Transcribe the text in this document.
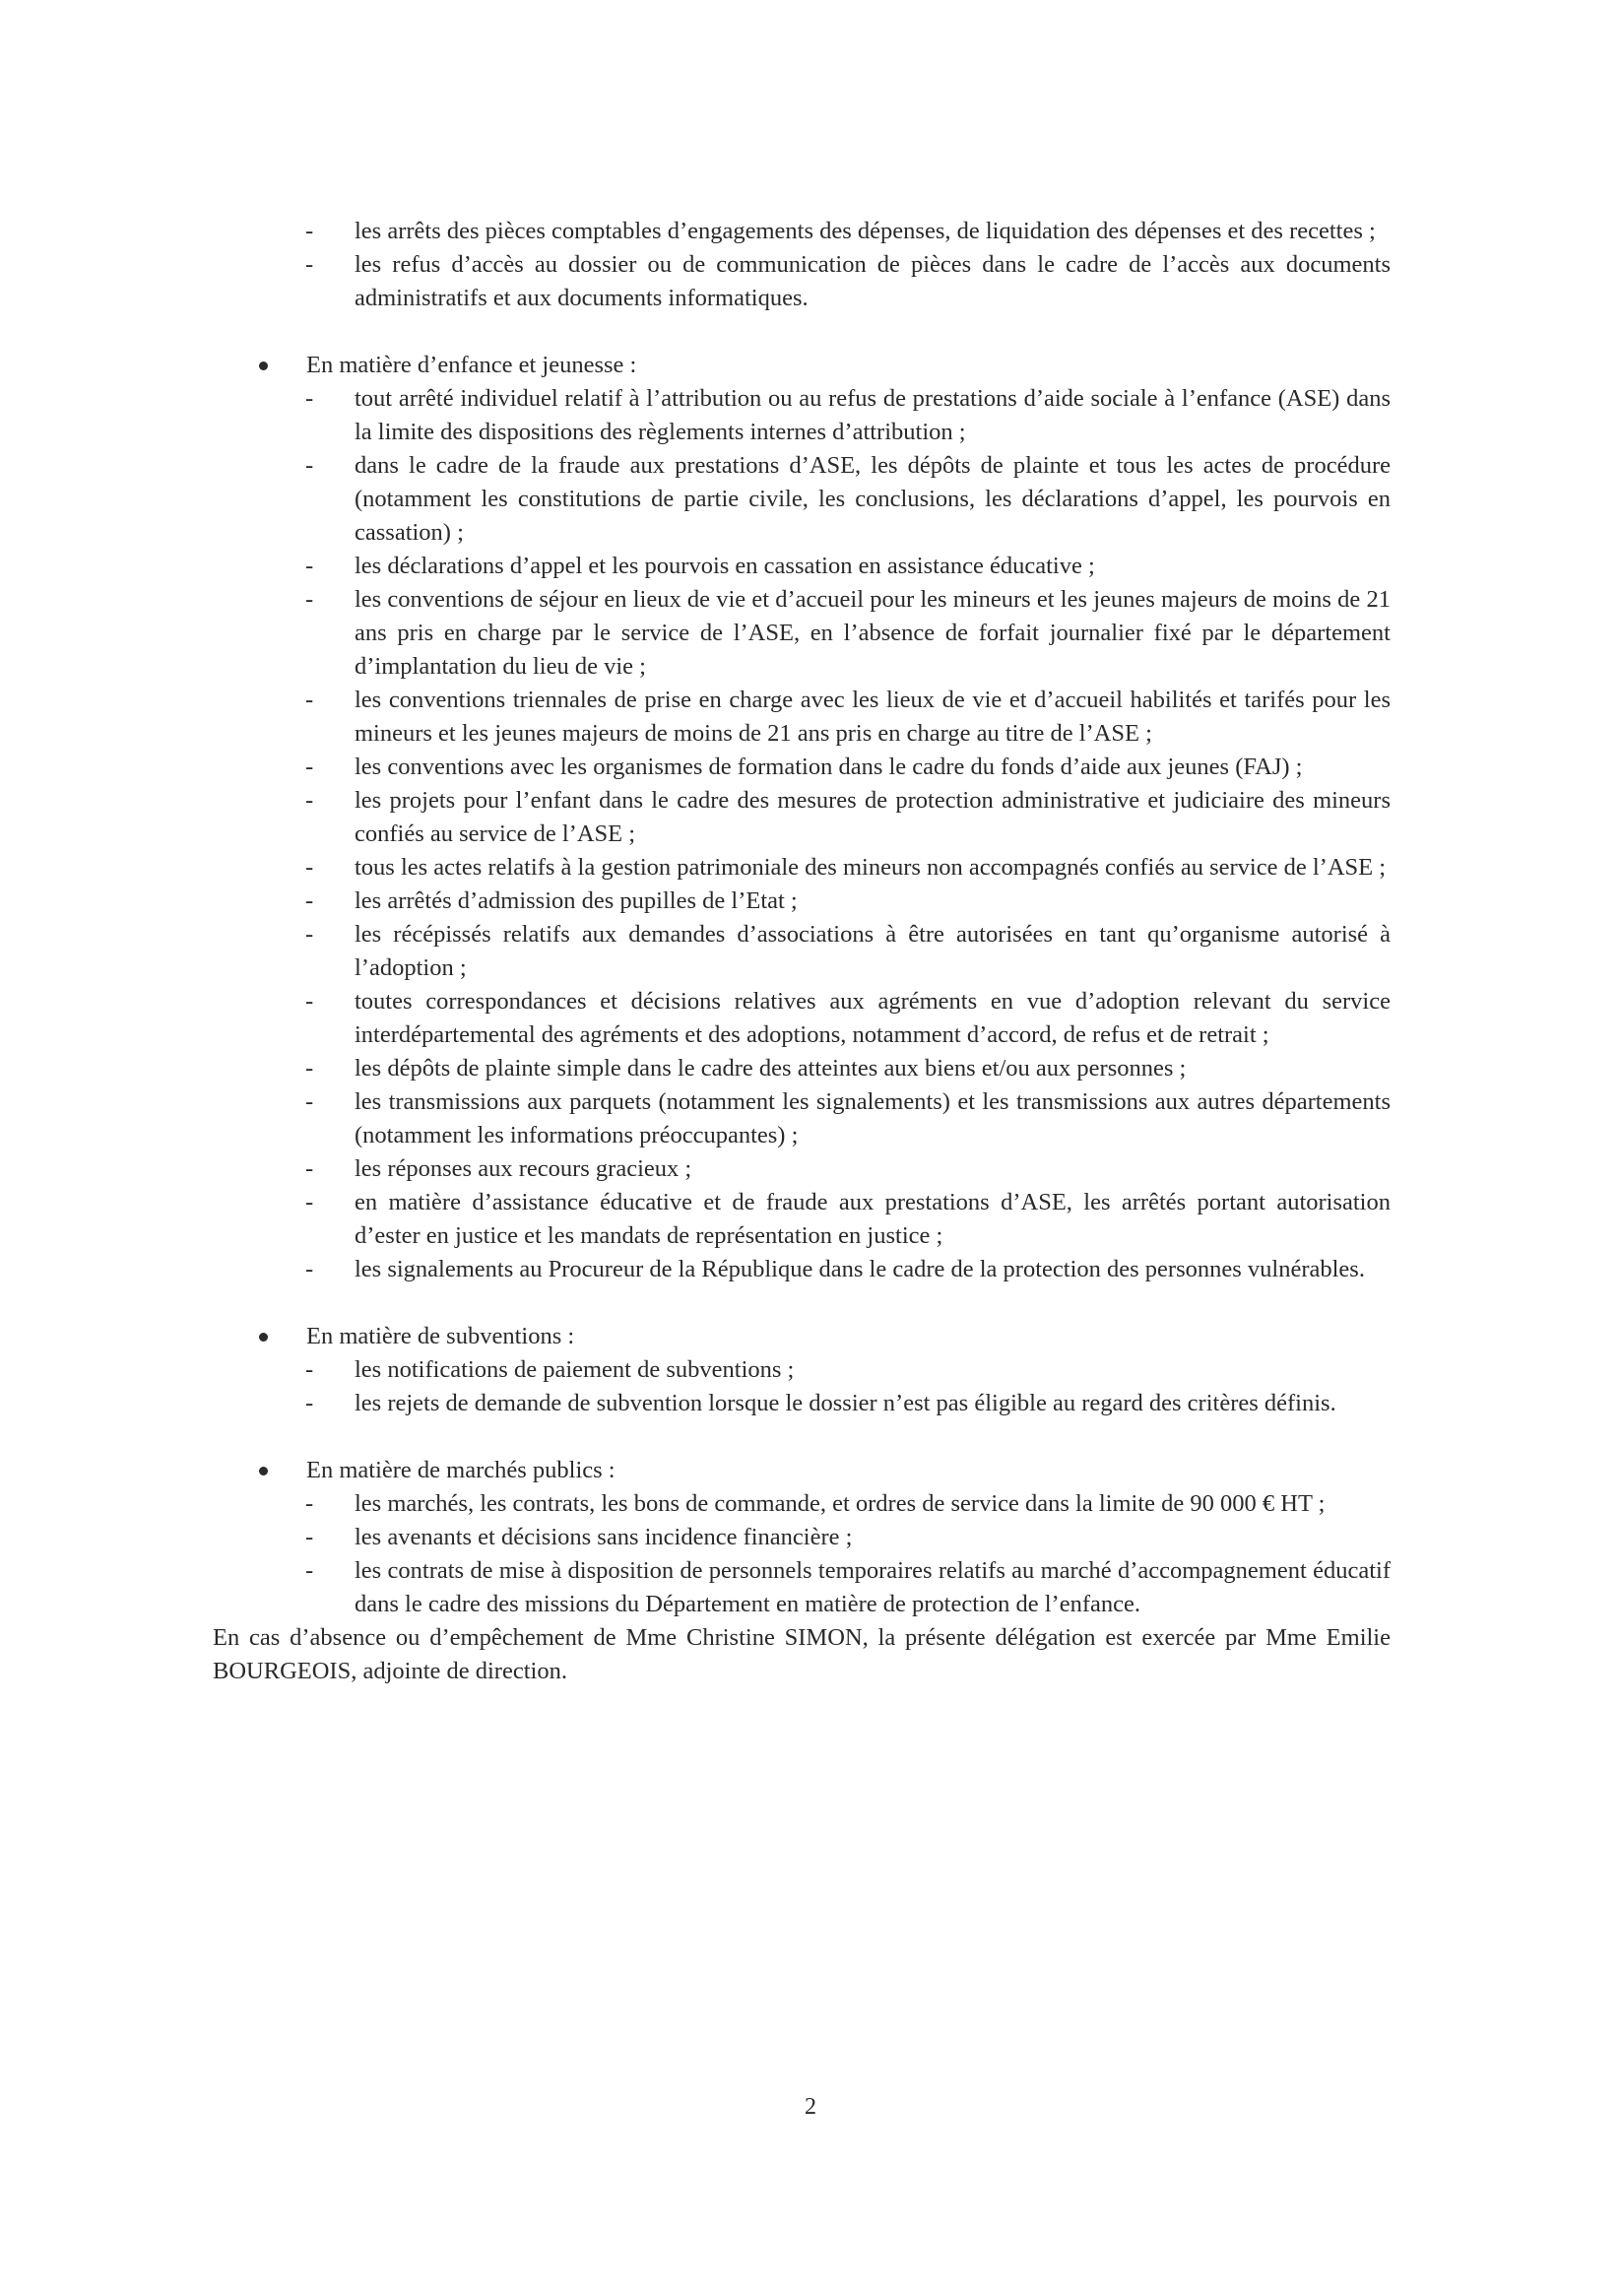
- les arrêts des pièces comptables d’engagements des dépenses, de liquidation des dépenses et des recettes ;
- les refus d’accès au dossier ou de communication de pièces dans le cadre de l’accès aux documents administratifs et aux documents informatiques.

En matière d’enfance et jeunesse :

- tout arrêté individuel relatif à l’attribution ou au refus de prestations d’aide sociale à l’enfance (ASE) dans la limite des dispositions des règlements internes d’attribution ;
- dans le cadre de la fraude aux prestations d’ASE, les dépôts de plainte et tous les actes de procédure (notamment les constitutions de partie civile, les conclusions, les déclarations d’appel, les pourvois en cassation) ;
- les déclarations d’appel et les pourvois en cassation en assistance éducative ;
- les conventions de séjour en lieux de vie et d’accueil pour les mineurs et les jeunes majeurs de moins de 21 ans pris en charge par le service de l’ASE, en l’absence de forfait journalier fixé par le département d’implantation du lieu de vie ;
- les conventions triennales de prise en charge avec les lieux de vie et d’accueil habilités et tarifés pour les mineurs et les jeunes majeurs de moins de 21 ans pris en charge au titre de l’ASE ;
- les conventions avec les organismes de formation dans le cadre du fonds d’aide aux jeunes (FAJ) ;
- les projets pour l’enfant dans le cadre des mesures de protection administrative et judiciaire des mineurs confiés au service de l’ASE ;
- tous les actes relatifs à la gestion patrimoniale des mineurs non accompagnés confiés au service de l’ASE ;
- les arrêtés d’admission des pupilles de l’Etat ;
- les récépissés relatifs aux demandes d’associations à être autorisées en tant qu’organisme autorisé à l’adoption ;
- toutes correspondances et décisions relatives aux agréments en vue d’adoption relevant du service interdépartemental des agréments et des adoptions, notamment d’accord, de refus et de retrait ;
- les dépôts de plainte simple dans le cadre des atteintes aux biens et/ou aux personnes ;
- les transmissions aux parquets (notamment les signalements) et les transmissions aux autres départements (notamment les informations préoccupantes) ;
- les réponses aux recours gracieux ;
- en matière d’assistance éducative et de fraude aux prestations d’ASE, les arrêtés portant autorisation d’ester en justice et les mandats de représentation en justice ;
- les signalements au Procureur de la République dans le cadre de la protection des personnes vulnérables.

En matière de subventions :

- les notifications de paiement de subventions ;
- les rejets de demande de subvention lorsque le dossier n’est pas éligible au regard des critères définis.

En matière de marchés publics :

- les marchés, les contrats, les bons de commande, et ordres de service dans la limite de 90 000 € HT ;
- les avenants et décisions sans incidence financière ;
- les contrats de mise à disposition de personnels temporaires relatifs au marché d’accompagnement éducatif dans le cadre des missions du Département en matière de protection de l’enfance.

En cas d’absence ou d’empêchement de Mme Christine SIMON, la présente délégation est exercée par Mme Emilie BOURGEOIS, adjointe de direction.

2
